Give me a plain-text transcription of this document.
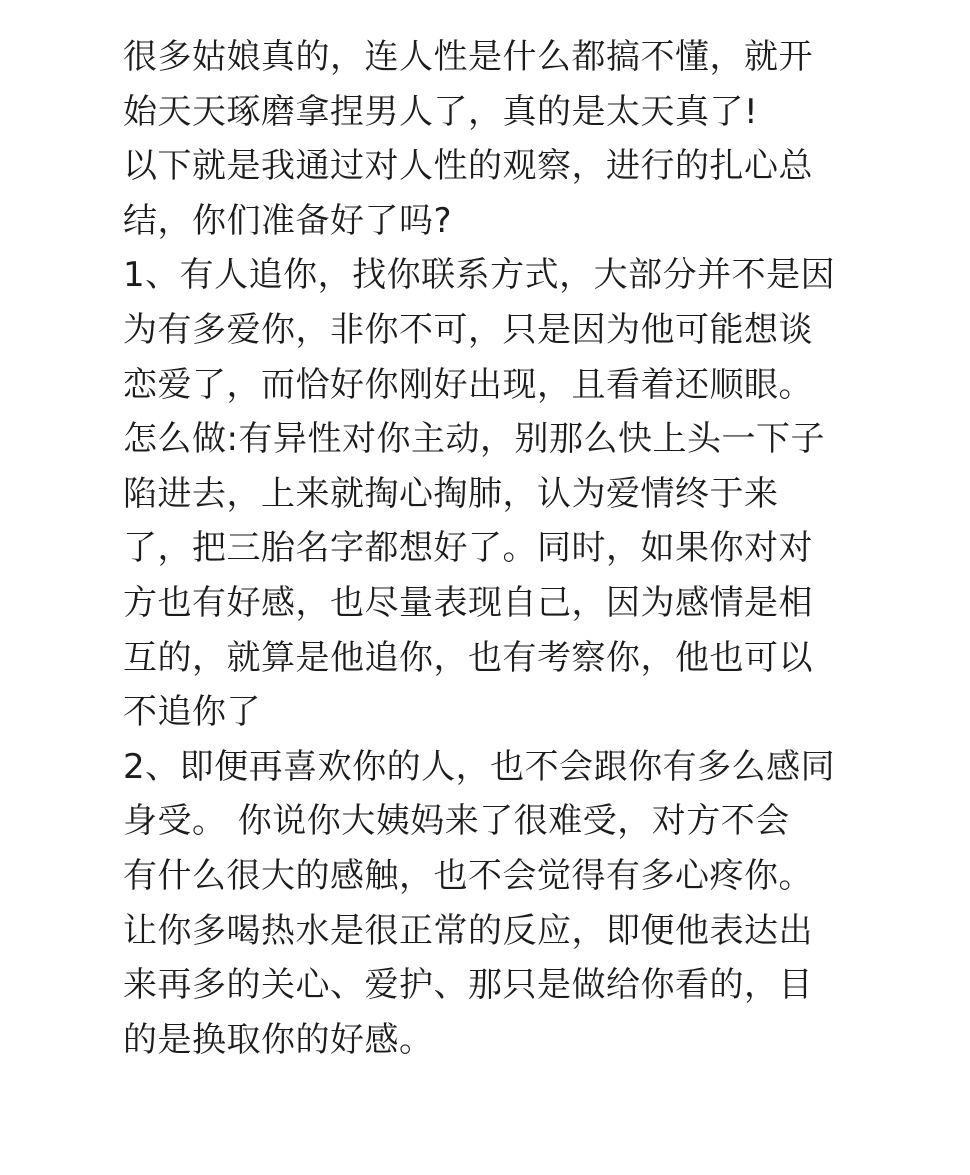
很多姑娘真的，连人性是什么都搞不懂，就开
始天天琢磨拿捏男人了，真的是太天真了!
以下就是我通过对人性的观察，进行的扎心总
结，你们准备好了吗?
1、有人追你，找你联系方式，大部分并不是因
为有多爱你，非你不可，只是因为他可能想谈
恋爱了，而恰好你刚好出现，且看着还顺眼。
怎么做:有异性对你主动，别那么快上头一下子
陷进去，上来就掏心掏肺，认为爱情终于来
了，把三胎名字都想好了。同时，如果你对对
方也有好感，也尽量表现自己，因为感情是相
互的，就算是他追你，也有考察你，他也可以
不追你了
2、即便再喜欢你的人，也不会跟你有多么感同
身受。 你说你大姨妈来了很难受，对方不会
有什么很大的感触，也不会觉得有多心疼你。
让你多喝热水是很正常的反应，即便他表达出
来再多的关心、爱护、那只是做给你看的，目
的是换取你的好感。
